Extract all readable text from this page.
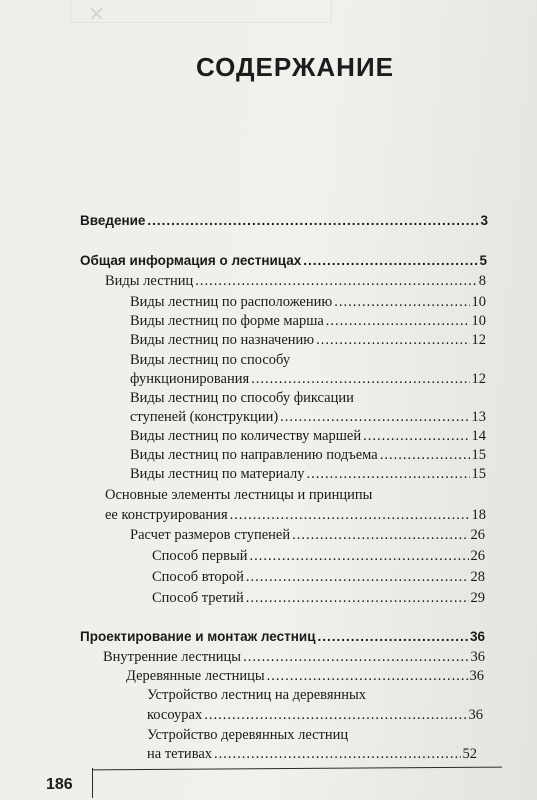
✕
СОДЕРЖАНИЕ
Введение .....	3
Общая информация о лестницах .....	5
Виды лестниц .....	8
Виды лестниц по расположению .....	10
Виды лестниц по форме марша .....	10
Виды лестниц по назначению .....	12
Виды лестниц по способу
функционирования .....	12
Виды лестниц по способу фиксации
ступеней (конструкции) .....	13
Виды лестниц по количеству маршей .....	14
Виды лестниц по направлению подъема .....	15
Виды лестниц по материалу .....	15
Основные элементы лестницы и принципы
ее конструирования .....	18
Расчет размеров ступеней .....	26
Способ первый .....	26
Способ второй .....	28
Способ третий .....	29
Проектирование и монтаж лестниц .....	36
Внутренние лестницы .....	36
Деревянные лестницы .....	36
Устройство лестниц на деревянных
косоурах .....	36
Устройство деревянных лестниц
на тетивах .....	52
186
